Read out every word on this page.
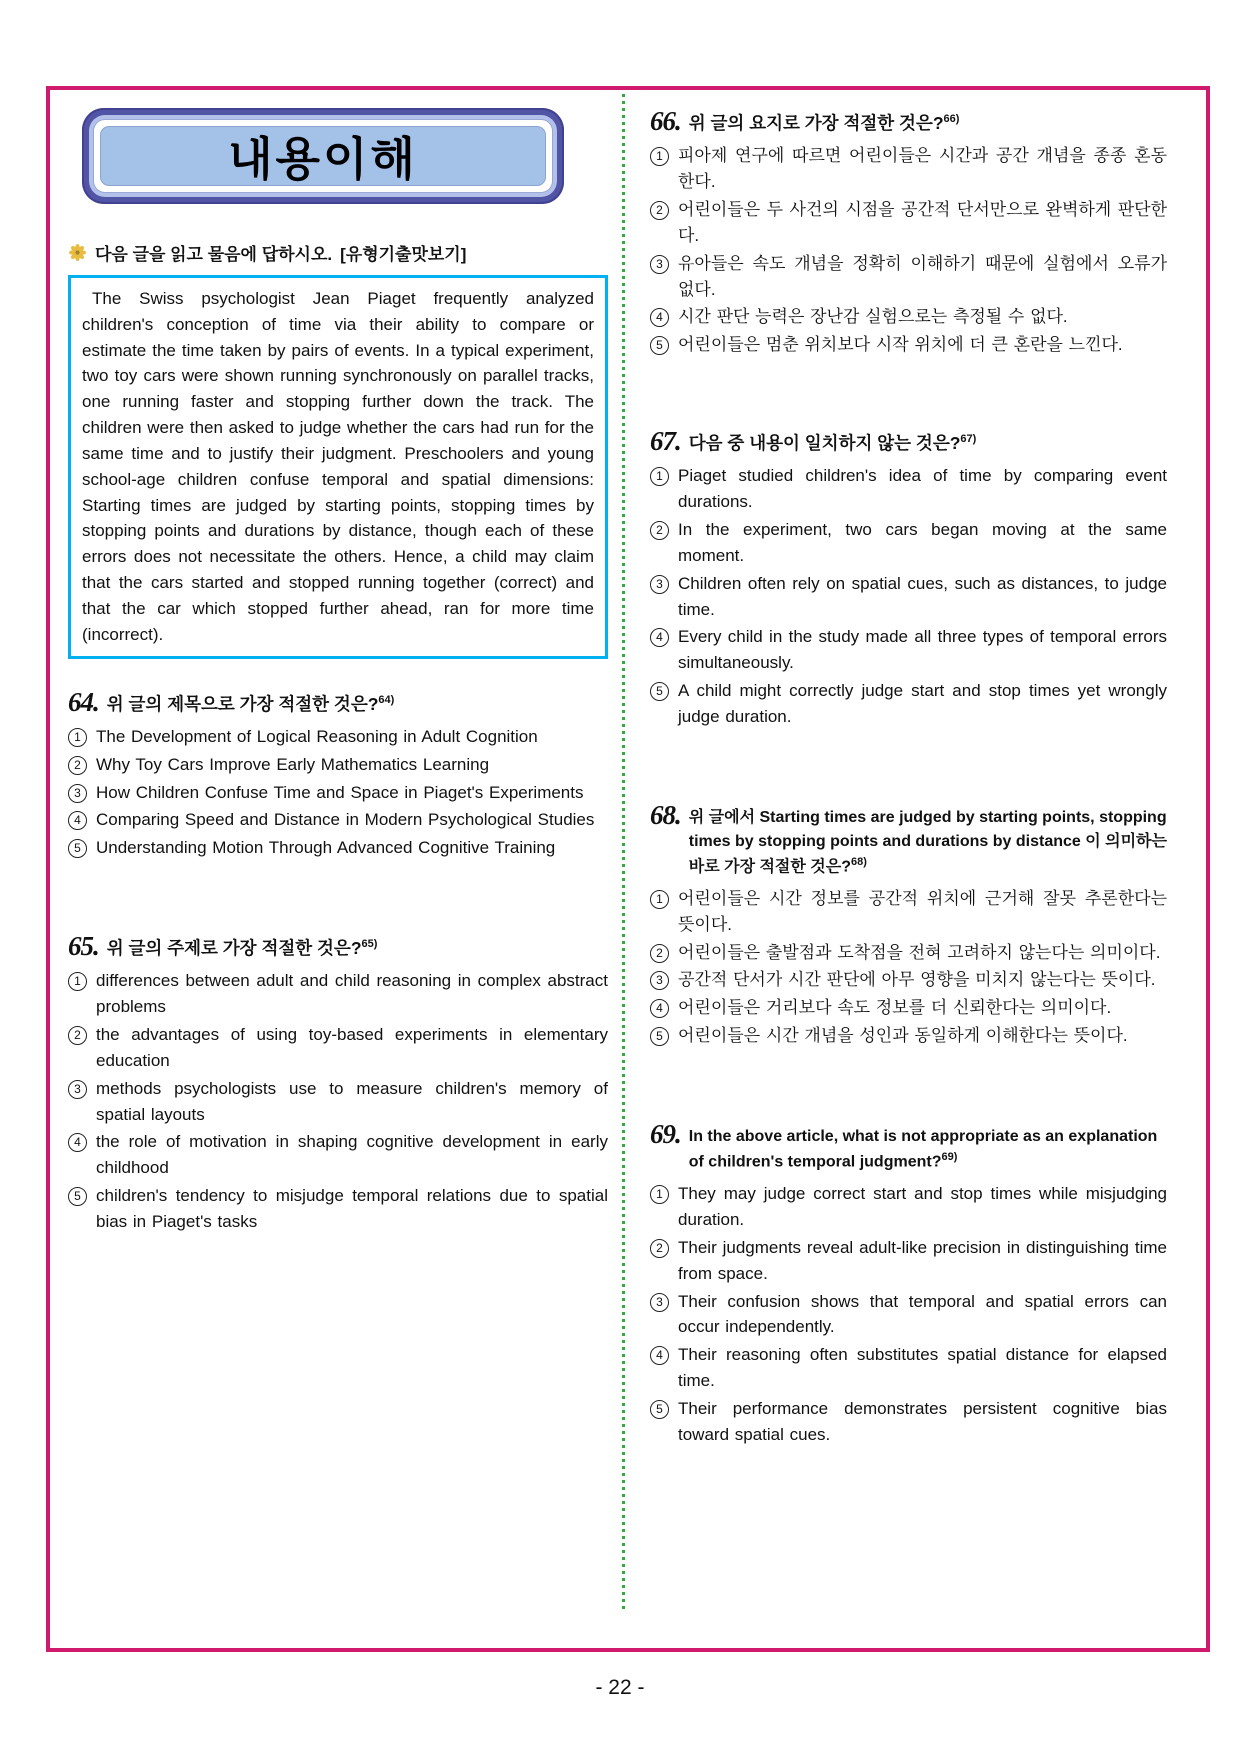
내용이해
다음 글을 읽고 물음에 답하시오. [유형기출맛보기]
The Swiss psychologist Jean Piaget frequently analyzed children's conception of time via their ability to compare or estimate the time taken by pairs of events. In a typical experiment, two toy cars were shown running synchronously on parallel tracks, one running faster and stopping further down the track. The children were then asked to judge whether the cars had run for the same time and to justify their judgment. Preschoolers and young school-age children confuse temporal and spatial dimensions: Starting times are judged by starting points, stopping times by stopping points and durations by distance, though each of these errors does not necessitate the others. Hence, a child may claim that the cars started and stopped running together (correct) and that the car which stopped further ahead, ran for more time (incorrect).
64. 위 글의 제목으로 가장 적절한 것은?$^{64)}$
1 The Development of Logical Reasoning in Adult Cognition
2 Why Toy Cars Improve Early Mathematics Learning
3 How Children Confuse Time and Space in Piaget's Experiments
4 Comparing Speed and Distance in Modern Psychological Studies
5 Understanding Motion Through Advanced Cognitive Training
65. 위 글의 주제로 가장 적절한 것은?$^{65)}$
1 differences between adult and child reasoning in complex abstract problems
2 the advantages of using toy-based experiments in elementary education
3 methods psychologists use to measure children's memory of spatial layouts
4 the role of motivation in shaping cognitive development in early childhood
5 children's tendency to misjudge temporal relations due to spatial bias in Piaget's tasks
66. 위 글의 요지로 가장 적절한 것은?$^{66)}$
1 피아제 연구에 따르면 어린이들은 시간과 공간 개념을 종종 혼동한다.
2 어린이들은 두 사건의 시점을 공간적 단서만으로 완벽하게 판단한다.
3 유아들은 속도 개념을 정확히 이해하기 때문에 실험에서 오류가 없다.
4 시간 판단 능력은 장난감 실험으로는 측정될 수 없다.
5 어린이들은 멈춘 위치보다 시작 위치에 더 큰 혼란을 느낀다.
67. 다음 중 내용이 일치하지 않는 것은?$^{67)}$
1 Piaget studied children's idea of time by comparing event durations.
2 In the experiment, two cars began moving at the same moment.
3 Children often rely on spatial cues, such as distances, to judge time.
4 Every child in the study made all three types of temporal errors simultaneously.
5 A child might correctly judge start and stop times yet wrongly judge duration.
68. 위 글에서 Starting times are judged by starting points, stopping times by stopping points and durations by distance 이 의미하는 바로 가장 적절한 것은?$^{68)}$
1 어린이들은 시간 정보를 공간적 위치에 근거해 잘못 추론한다는 뜻이다.
2 어린이들은 출발점과 도착점을 전혀 고려하지 않는다는 의미이다.
3 공간적 단서가 시간 판단에 아무 영향을 미치지 않는다는 뜻이다.
4 어린이들은 거리보다 속도 정보를 더 신뢰한다는 의미이다.
5 어린이들은 시간 개념을 성인과 동일하게 이해한다는 뜻이다.
69. In the above article, what is not appropriate as an explanation of children's temporal judgment?$^{69)}$
1 They may judge correct start and stop times while misjudging duration.
2 Their judgments reveal adult-like precision in distinguishing time from space.
3 Their confusion shows that temporal and spatial errors can occur independently.
4 Their reasoning often substitutes spatial distance for elapsed time.
5 Their performance demonstrates persistent cognitive bias toward spatial cues.
- 22 -
